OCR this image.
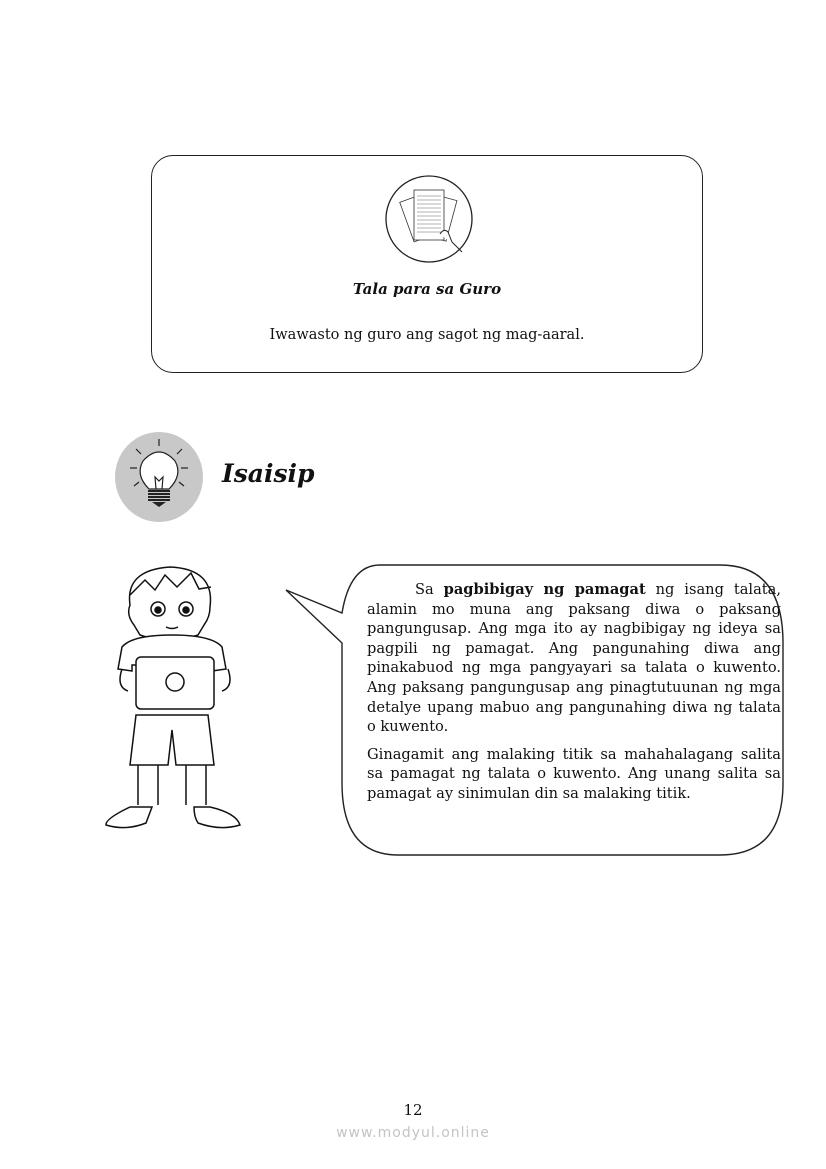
Tala para sa Guro
Iwawasto ng guro ang sagot ng mag-aaral.
Isaisip

Sa pagbibigay ng pamagat ng isang talata, alamin mo muna ang paksang diwa o paksang pangungusap. Ang mga ito ay nagbibigay ng ideya sa pagpili ng pamagat. Ang pangunahing diwa ang pinakabuod ng mga pangyayari sa talata o kuwento. Ang paksang pangungusap ang pinagtutuunan ng mga detalye upang mabuo ang pangunahing diwa ng talata o kuwento.

Ginagamit ang malaking titik sa mahahalagang salita sa pamagat ng talata o kuwento. Ang unang salita sa pamagat ay sinimulan din sa malaking titik.

12
www.modyul.online
